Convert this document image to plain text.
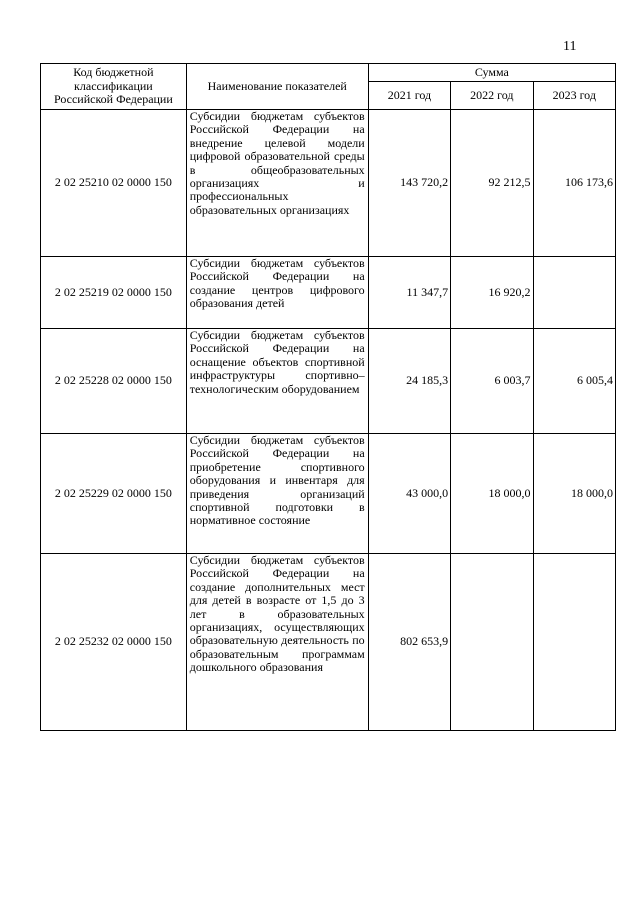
11
Код бюджетной классификации Российской Федерации	Наименование показателей	Сумма		
		2021 год	2022 год	2023 год
2 02 25210 02 0000 150	Субсидии бюджетам субъектов Российской Федерации на внедрение целевой модели цифровой образовательной среды в общеобразовательных организациях и профессиональных образовательных организациях	143 720,2	92 212,5	106 173,6
2 02 25219 02 0000 150	Субсидии бюджетам субъектов Российской Федерации на создание центров цифрового образования детей	11 347,7	16 920,2	
2 02 25228 02 0000 150	Субсидии бюджетам субъектов Российской Федерации на оснащение объектов спортивной инфраструктуры спортивно–технологическим оборудованием	24 185,3	6 003,7	6 005,4
2 02 25229 02 0000 150	Субсидии бюджетам субъектов Российской Федерации на приобретение спортивного оборудования и инвентаря для приведения организаций спортивной подготовки в нормативное состояние	43 000,0	18 000,0	18 000,0
2 02 25232 02 0000 150	Субсидии бюджетам субъектов Российской Федерации на создание дополнительных мест для детей в возрасте от 1,5 до 3 лет в образовательных организациях, осуществляющих образовательную деятельность по образовательным программам дошкольного образования	802 653,9		
